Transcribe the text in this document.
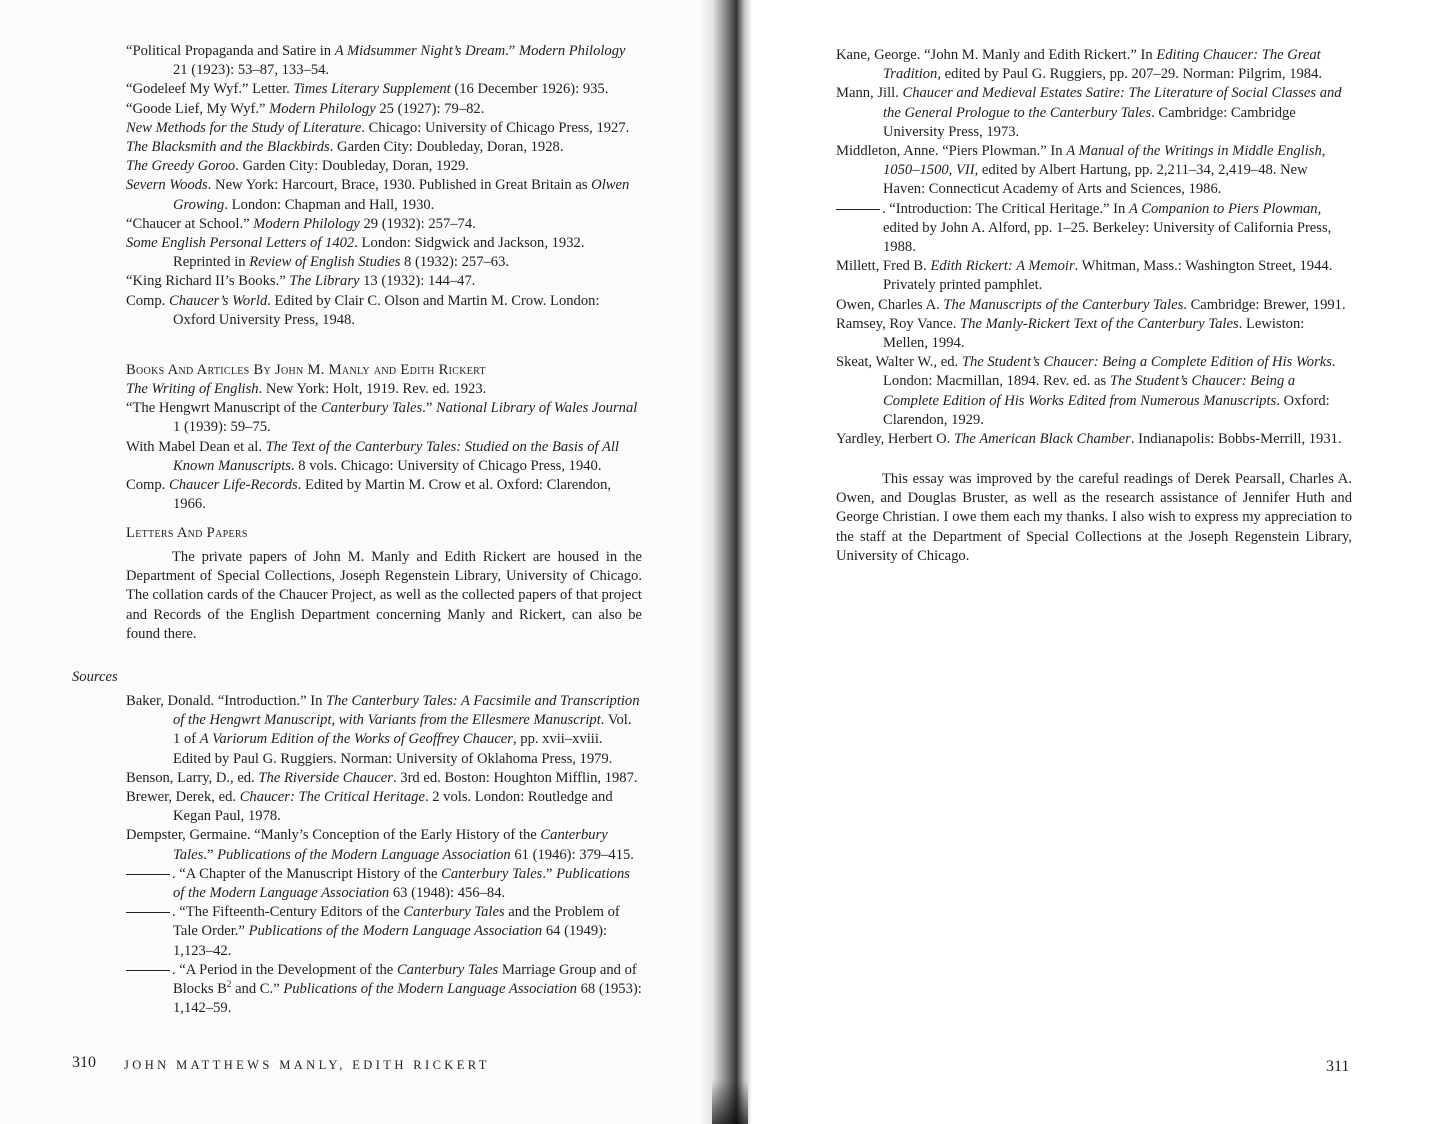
“Political Propaganda and Satire in A Midsummer Night’s Dream.” Modern Philology 21 (1923): 53–87, 133–54.
“Godeleef My Wyf.” Letter. Times Literary Supplement (16 December 1926): 935.
“Goode Lief, My Wyf.” Modern Philology 25 (1927): 79–82.
New Methods for the Study of Literature. Chicago: University of Chicago Press, 1927.
The Blacksmith and the Blackbirds. Garden City: Doubleday, Doran, 1928.
The Greedy Goroo. Garden City: Doubleday, Doran, 1929.
Severn Woods. New York: Harcourt, Brace, 1930. Published in Great Britain as Olwen Growing. London: Chapman and Hall, 1930.
“Chaucer at School.” Modern Philology 29 (1932): 257–74.
Some English Personal Letters of 1402. London: Sidgwick and Jackson, 1932. Reprinted in Review of English Studies 8 (1932): 257–63.
“King Richard II’s Books.” The Library 13 (1932): 144–47.
Comp. Chaucer’s World. Edited by Clair C. Olson and Martin M. Crow. London: Oxford University Press, 1948.

Books And Articles By John M. Manly and Edith Rickert

The Writing of English. New York: Holt, 1919. Rev. ed. 1923.
“The Hengwrt Manuscript of the Canterbury Tales.” National Library of Wales Journal 1 (1939): 59–75.
With Mabel Dean et al. The Text of the Canterbury Tales: Studied on the Basis of All Known Manuscripts. 8 vols. Chicago: University of Chicago Press, 1940.
Comp. Chaucer Life-Records. Edited by Martin M. Crow et al. Oxford: Clarendon, 1966.

Letters And Papers

The private papers of John M. Manly and Edith Rickert are housed in the Department of Special Collections, Joseph Regenstein Library, University of Chicago. The collation cards of the Chaucer Project, as well as the collected papers of that project and Records of the English Department concerning Manly and Rickert, can also be found there.

Sources

Baker, Donald. “Introduction.” In The Canterbury Tales: A Facsimile and Transcription of the Hengwrt Manuscript, with Variants from the Ellesmere Manuscript. Vol. 1 of A Variorum Edition of the Works of Geoffrey Chaucer, pp. xvii–xviii. Edited by Paul G. Ruggiers. Norman: University of Oklahoma Press, 1979.
Benson, Larry, D., ed. The Riverside Chaucer. 3rd ed. Boston: Houghton Mifflin, 1987.
Brewer, Derek, ed. Chaucer: The Critical Heritage. 2 vols. London: Routledge and Kegan Paul, 1978.
Dempster, Germaine. “Manly’s Conception of the Early History of the Canterbury Tales.” Publications of the Modern Language Association 61 (1946): 379–415.
. “A Chapter of the Manuscript History of the Canterbury Tales.” Publications of the Modern Language Association 63 (1948): 456–84.
. “The Fifteenth-Century Editors of the Canterbury Tales and the Problem of Tale Order.” Publications of the Modern Language Association 64 (1949): 1,123–42.
. “A Period in the Development of the Canterbury Tales Marriage Group and of Blocks $B^2$ and C.” Publications of the Modern Language Association 68 (1953): 1,142–59.
310 JOHN MATTHEWS MANLY, EDITH RICKERT
Kane, George. “John M. Manly and Edith Rickert.” In Editing Chaucer: The Great Tradition, edited by Paul G. Ruggiers, pp. 207–29. Norman: Pilgrim, 1984.
Mann, Jill. Chaucer and Medieval Estates Satire: The Literature of Social Classes and the General Prologue to the Canterbury Tales. Cambridge: Cambridge University Press, 1973.
Middleton, Anne. “Piers Plowman.” In A Manual of the Writings in Middle English, 1050–1500, VII, edited by Albert Hartung, pp. 2,211–34, 2,419–48. New Haven: Connecticut Academy of Arts and Sciences, 1986.
. “Introduction: The Critical Heritage.” In A Companion to Piers Plowman, edited by John A. Alford, pp. 1–25. Berkeley: University of California Press, 1988.
Millett, Fred B. Edith Rickert: A Memoir. Whitman, Mass.: Washington Street, 1944. Privately printed pamphlet.
Owen, Charles A. The Manuscripts of the Canterbury Tales. Cambridge: Brewer, 1991.
Ramsey, Roy Vance. The Manly-Rickert Text of the Canterbury Tales. Lewiston: Mellen, 1994.
Skeat, Walter W., ed. The Student’s Chaucer: Being a Complete Edition of His Works. London: Macmillan, 1894. Rev. ed. as The Student’s Chaucer: Being a Complete Edition of His Works Edited from Numerous Manuscripts. Oxford: Clarendon, 1929.
Yardley, Herbert O. The American Black Chamber. Indianapolis: Bobbs-Merrill, 1931.

This essay was improved by the careful readings of Derek Pearsall, Charles A. Owen, and Douglas Bruster, as well as the research assistance of Jennifer Huth and George Christian. I owe them each my thanks. I also wish to express my appreciation to the staff at the Department of Special Collections at the Joseph Regenstein Library, University of Chicago.

311
